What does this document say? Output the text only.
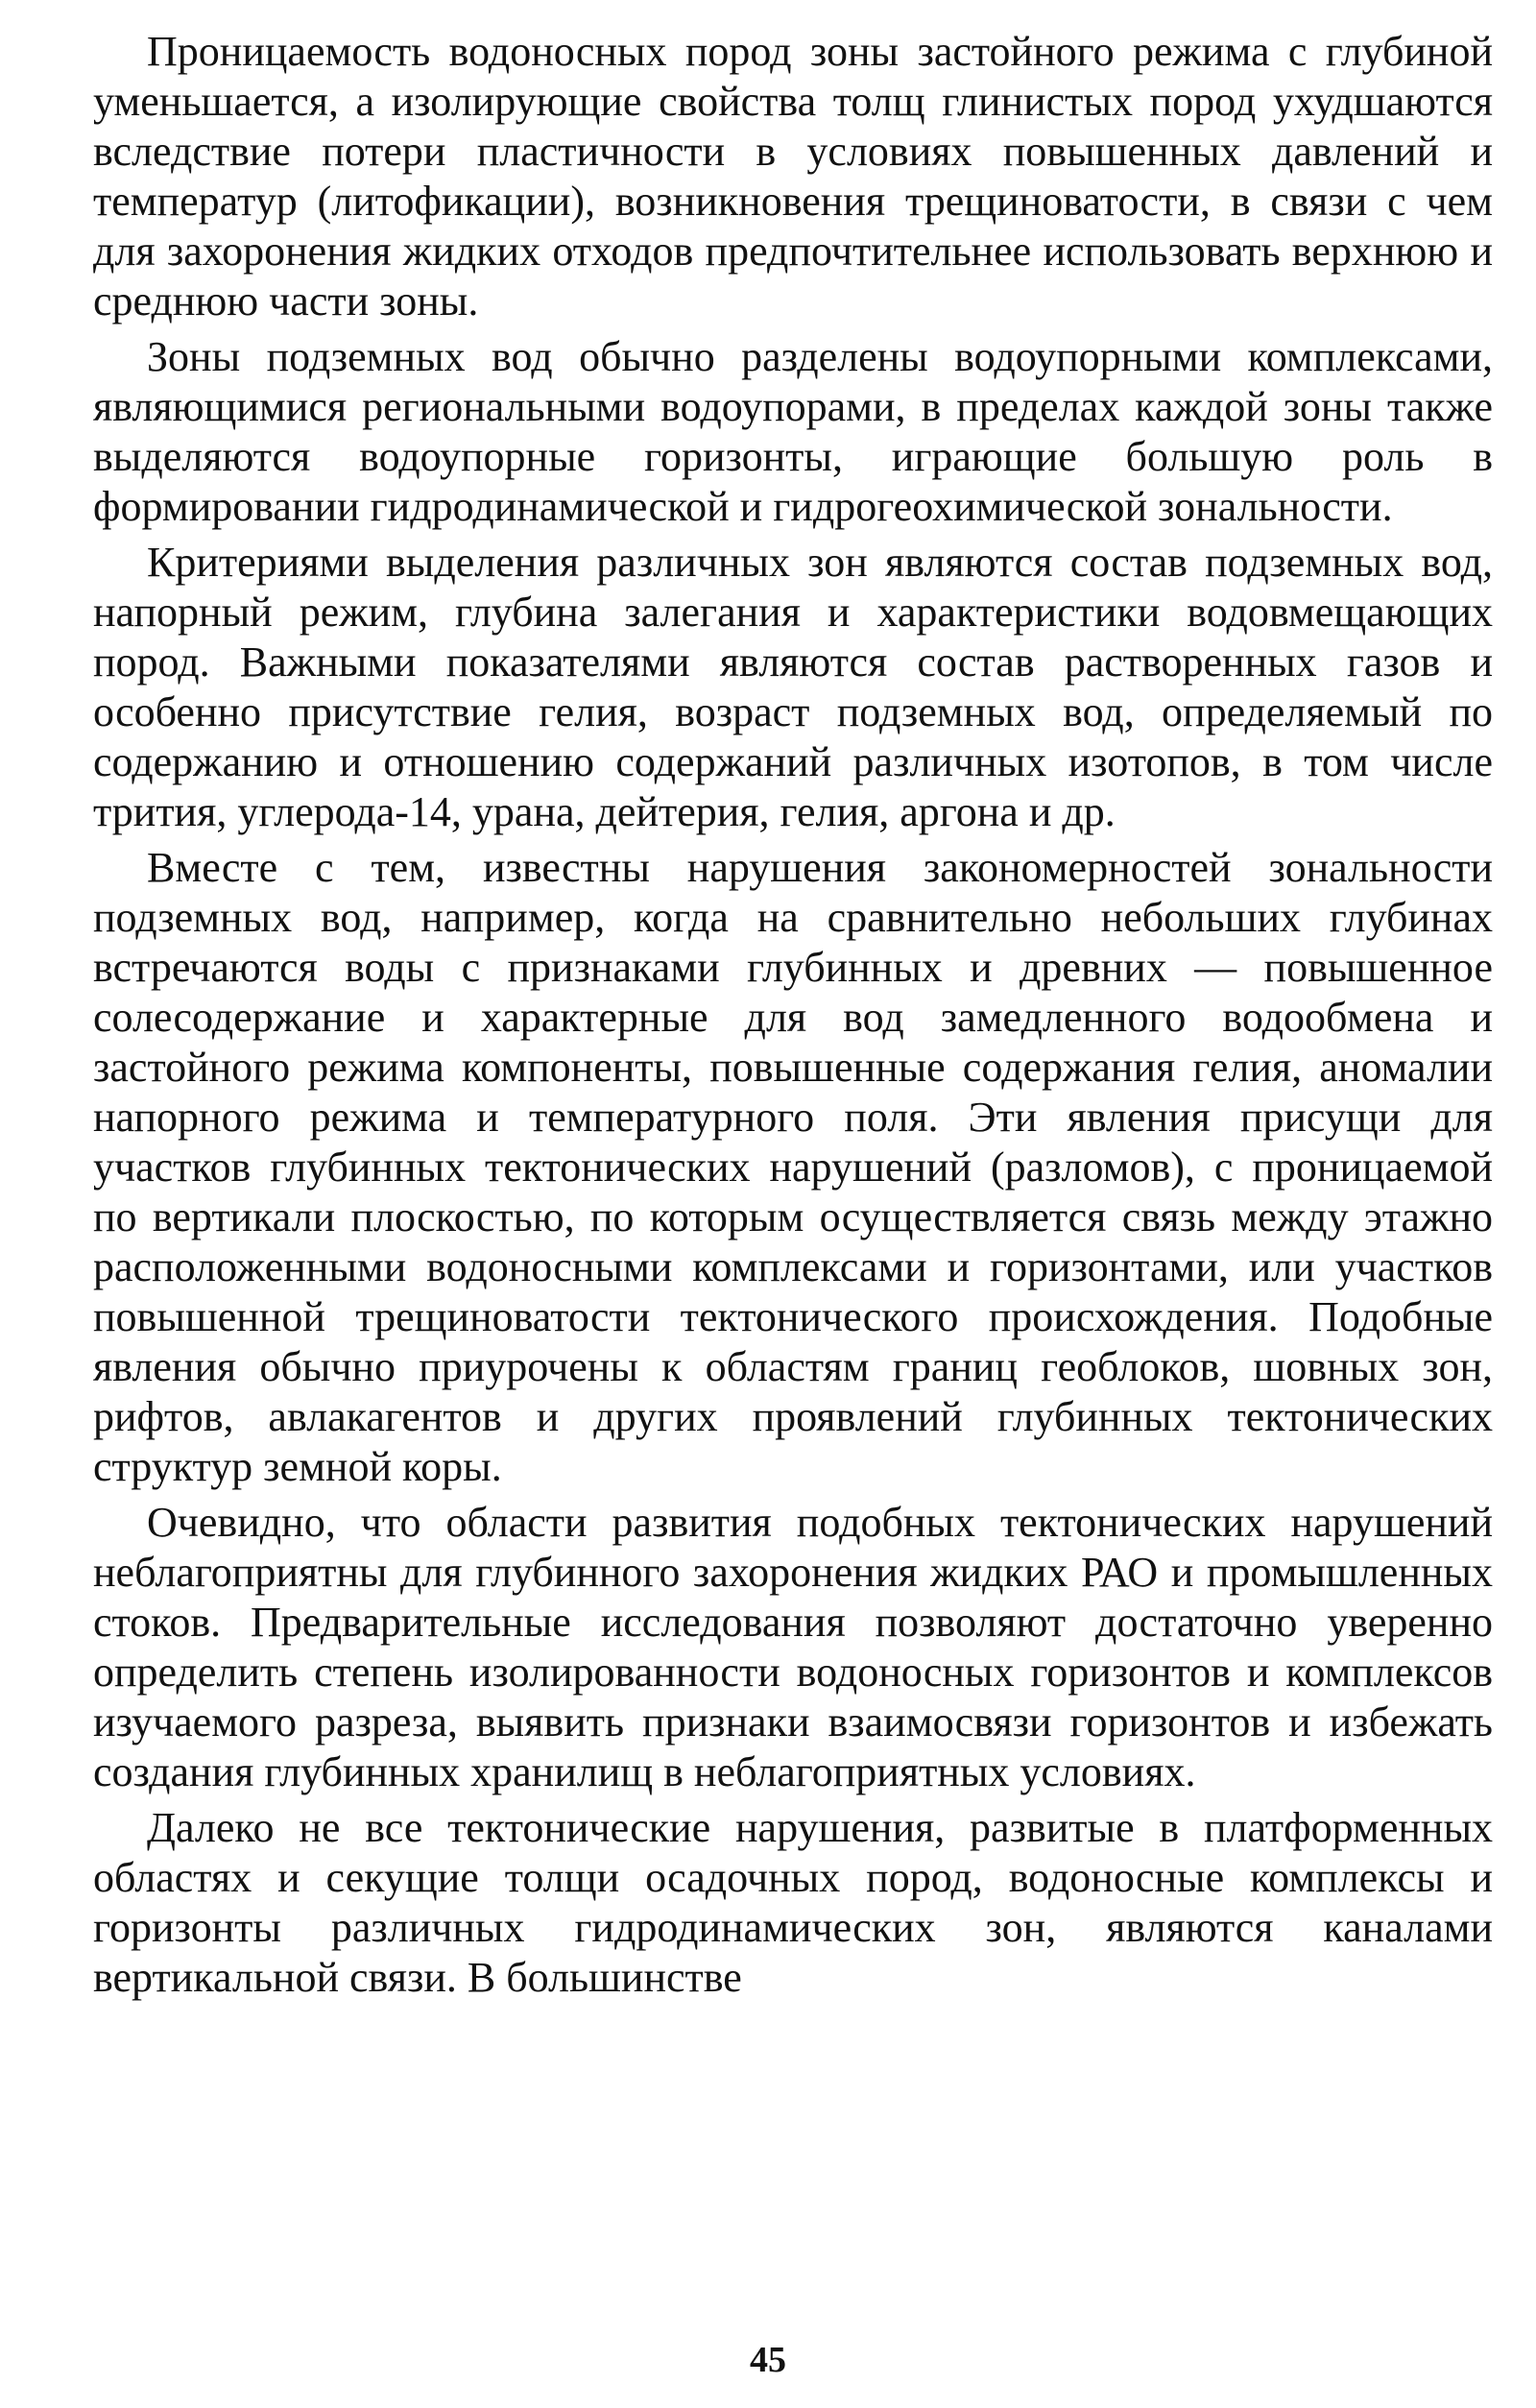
Проницаемость водоносных пород зоны застойного режима с глубиной уменьшается, а изолирующие свойства толщ глинистых пород ухудшаются вследствие потери пластичности в условиях повышенных давлений и температур (литофикации), возникновения трещиноватости, в связи с чем для захоронения жидких отходов предпочтительнее использовать верхнюю и среднюю части зоны.

Зоны подземных вод обычно разделены водоупорными комплексами, являющимися региональными водоупорами, в пределах каждой зоны также выделяются водоупорные горизонты, играющие большую роль в формировании гидродинамической и гидрогеохимической зональности.

Критериями выделения различных зон являются состав подземных вод, напорный режим, глубина залегания и характеристики водовмещающих пород. Важными показателями являются состав растворенных газов и особенно присутствие гелия, возраст подземных вод, определяемый по содержанию и отношению содержаний различных изотопов, в том числе трития, углерода-14, урана, дейтерия, гелия, аргона и др.

Вместе с тем, известны нарушения закономерностей зональности подземных вод, например, когда на сравнительно небольших глубинах встречаются воды с признаками глубинных и древних — повышенное солесодержание и характерные для вод замедленного водообмена и застойного режима компоненты, повышенные содержания гелия, аномалии напорного режима и температурного поля. Эти явления присущи для участков глубинных тектонических нарушений (разломов), с проницаемой по вертикали плоскостью, по которым осуществляется связь между этажно расположенными водоносными комплексами и горизонтами, или участков повышенной трещиноватости тектонического происхождения. Подобные явления обычно приурочены к областям границ геоблоков, шовных зон, рифтов, авлакагентов и других проявлений глубинных тектонических структур земной коры.

Очевидно, что области развития подобных тектонических нарушений неблагоприятны для глубинного захоронения жидких РАО и промышленных стоков. Предварительные исследования позволяют достаточно уверенно определить степень изолированности водоносных горизонтов и комплексов изучаемого разреза, выявить признаки взаимосвязи горизонтов и избежать создания глубинных хранилищ в неблагоприятных условиях.

Далеко не все тектонические нарушения, развитые в платформенных областях и секущие толщи осадочных пород, водоносные комплексы и горизонты различных гидродинамических зон, являются каналами вертикальной связи. В большинстве

45
